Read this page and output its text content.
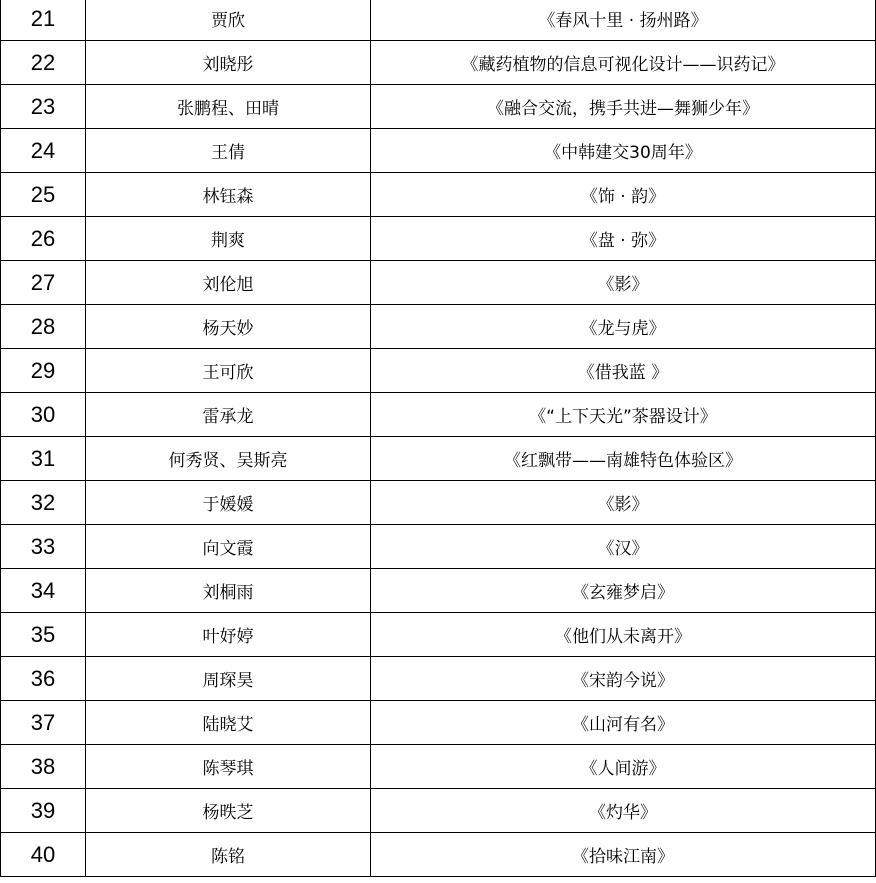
21	贾欣	《春风十里 · 扬州路》
22	刘晓彤	《藏药植物的信息可视化设计——识药记》
23	张鹏程、田晴	《融合交流，携手共进—舞狮少年》
24	王倩	《中韩建交30周年》
25	林钰森	《饰 · 韵》
26	荆爽	《盘 · 弥》
27	刘伦旭	《影》
28	杨天妙	《龙与虎》
29	王可欣	《借我蓝 》
30	雷承龙	《“上下天光”茶器设计》
31	何秀贤、吴斯亮	《红飘带——南雄特色体验区》
32	于媛媛	《影》
33	向文霞	《汉》
34	刘桐雨	《玄雍梦启》
35	叶妤婷	《他们从未离开》
36	周琛昊	《宋韵今说》
37	陆晓艾	《山河有名》
38	陈琴琪	《人间游》
39	杨昳芝	《灼华》
40	陈铭	《拾味江南》
